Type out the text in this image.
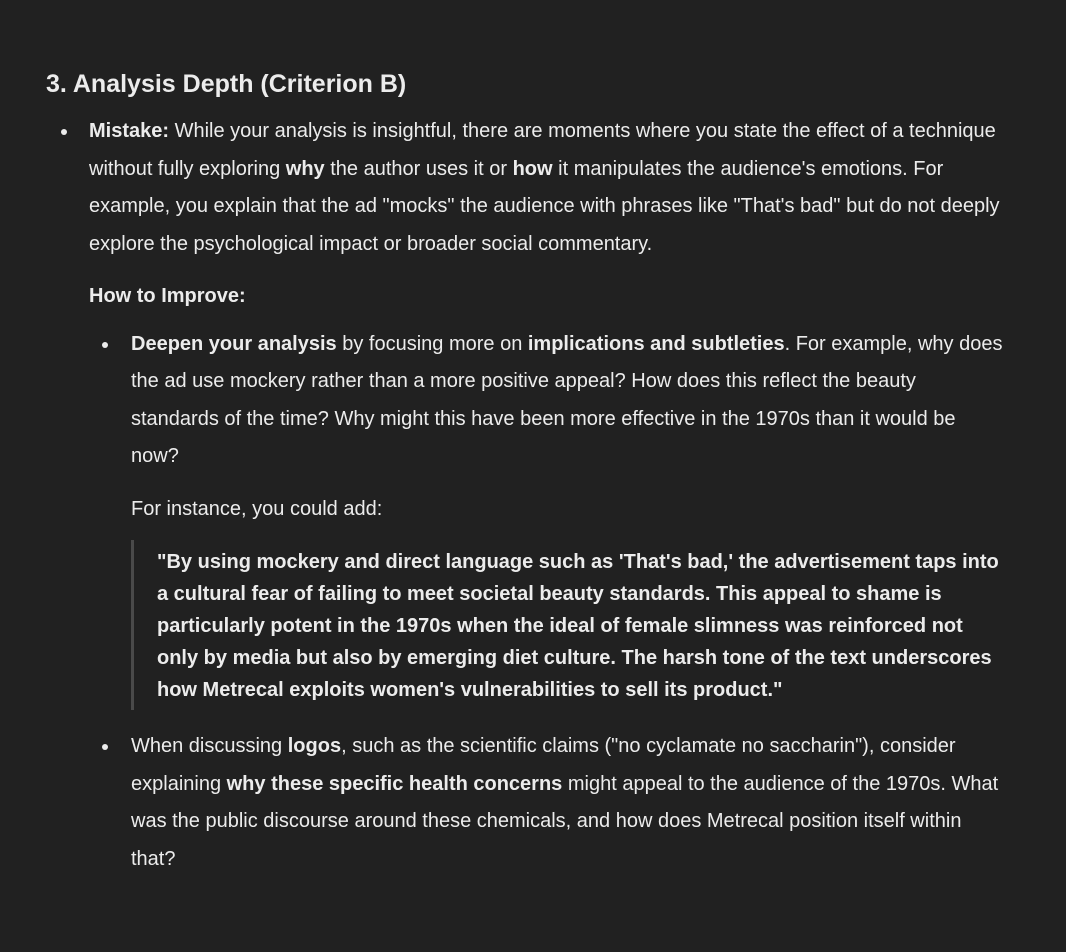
3. Analysis Depth (Criterion B)

Mistake: While your analysis is insightful, there are moments where you state the effect of a technique without fully exploring why the author uses it or how it manipulates the audience's emotions. For example, you explain that the ad "mocks" the audience with phrases like "That's bad" but do not deeply explore the psychological impact or broader social commentary.

How to Improve:

Deepen your analysis by focusing more on implications and subtleties. For example, why does the ad use mockery rather than a more positive appeal? How does this reflect the beauty standards of the time? Why might this have been more effective in the 1970s than it would be now?

For instance, you could add:

"By using mockery and direct language such as 'That's bad,' the advertisement taps into a cultural fear of failing to meet societal beauty standards. This appeal to shame is particularly potent in the 1970s when the ideal of female slimness was reinforced not only by media but also by emerging diet culture. The harsh tone of the text underscores how Metrecal exploits women's vulnerabilities to sell its product."

When discussing logos, such as the scientific claims ("no cyclamate no saccharin"), consider explaining why these specific health concerns might appeal to the audience of the 1970s. What was the public discourse around these chemicals, and how does Metrecal position itself within that?
